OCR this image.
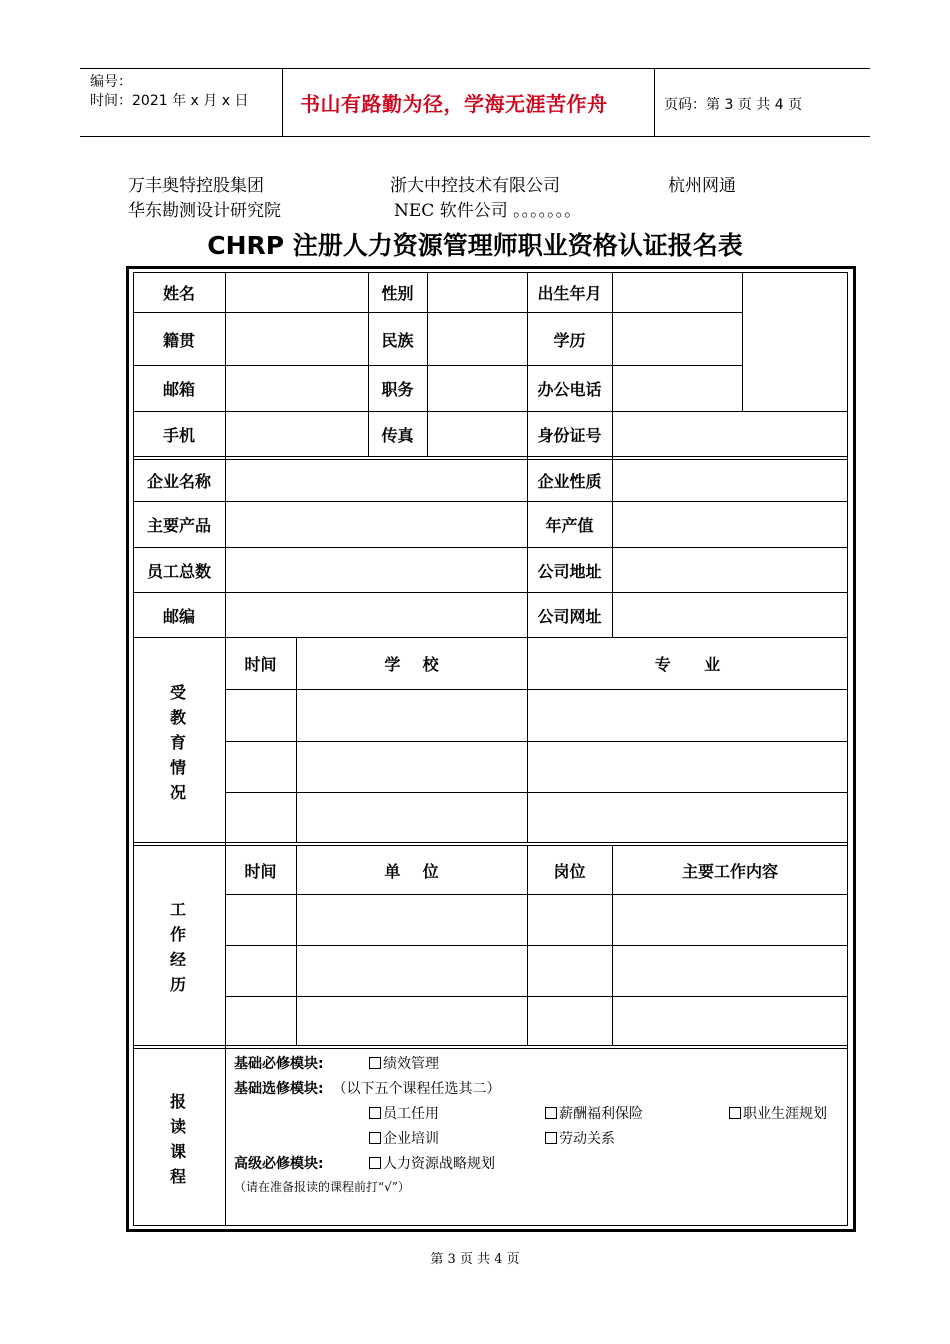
编号：
时间：2021 年 x 月 x 日	书山有路勤为径，学海无涯苦作舟	页码：第 3 页 共 4 页
万丰奥特控股集团	浙大中控技术有限公司	杭州网通
华东勘测设计研究院	NEC 软件公司 。。。。。。。
CHRP 注册人力资源管理师职业资格认证报名表
姓名	性别	出生年月
籍贯	民族	学历
邮箱	职务	办公电话
手机	传真	身份证号
企业名称	企业性质
主要产品	年产值
员工总数	公司地址
邮编	公司网址
受
教
育
情
况
时间	学    校	专      业
工
作
经
历
时间	单    位	岗位	主要工作内容
报
读
课
程
基础必修模块:	绩效管理
基础选修模块: （以下五个课程任选其二）
员工任用	薪酬福利保险	职业生涯规划
企业培训	劳动关系
高级必修模块:	人力资源战略规划
（请在准备报读的课程前打“√”）
第 3 页 共 4 页
